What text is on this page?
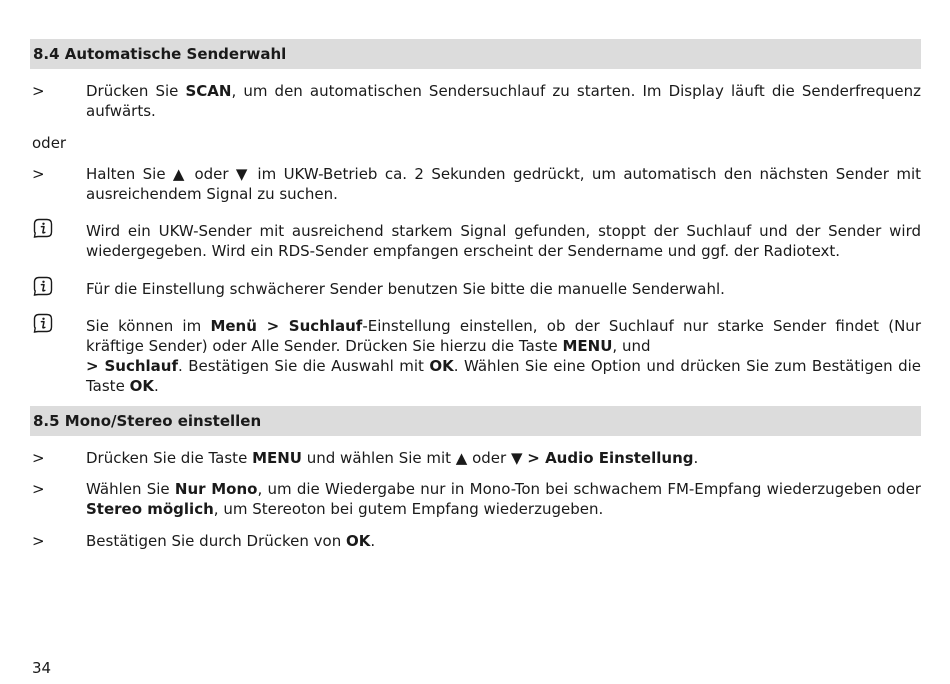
8.4 Automatische Senderwahl
>	Drücken Sie SCAN, um den automatischen Sendersuchlauf zu starten. Im Display läuft die Senderfrequenz aufwärts.
oder
>	Halten Sie ▲ oder ▼ im UKW-Betrieb ca. 2 Sekunden gedrückt, um automatisch den nächsten Sender mit ausreichendem Signal zu suchen.
Wird ein UKW-Sender mit ausreichend starkem Signal gefunden, stoppt der Suchlauf und der Sender wird wiedergegeben. Wird ein RDS-Sender empfangen erscheint der Sendername und ggf. der Radiotext.
Für die Einstellung schwächerer Sender benutzen Sie bitte die manuelle Senderwahl.
Sie können im Menü > Suchlauf-Einstellung einstellen, ob der Suchlauf nur starke Sender findet (Nur kräftige Sender) oder Alle Sender. Drücken Sie hierzu die Taste MENU, und
> Suchlauf. Bestätigen Sie die Auswahl mit OK. Wählen Sie eine Option und drücken Sie zum Bestätigen die Taste OK.
8.5 Mono/Stereo einstellen
>	Drücken Sie die Taste MENU und wählen Sie mit ▲ oder ▼ > Audio Einstellung.
>	Wählen Sie Nur Mono, um die Wiedergabe nur in Mono-Ton bei schwachem FM-Empfang wiederzugeben oder Stereo möglich, um Stereoton bei gutem Empfang wiederzugeben.
>	Bestätigen Sie durch Drücken von OK.
34
